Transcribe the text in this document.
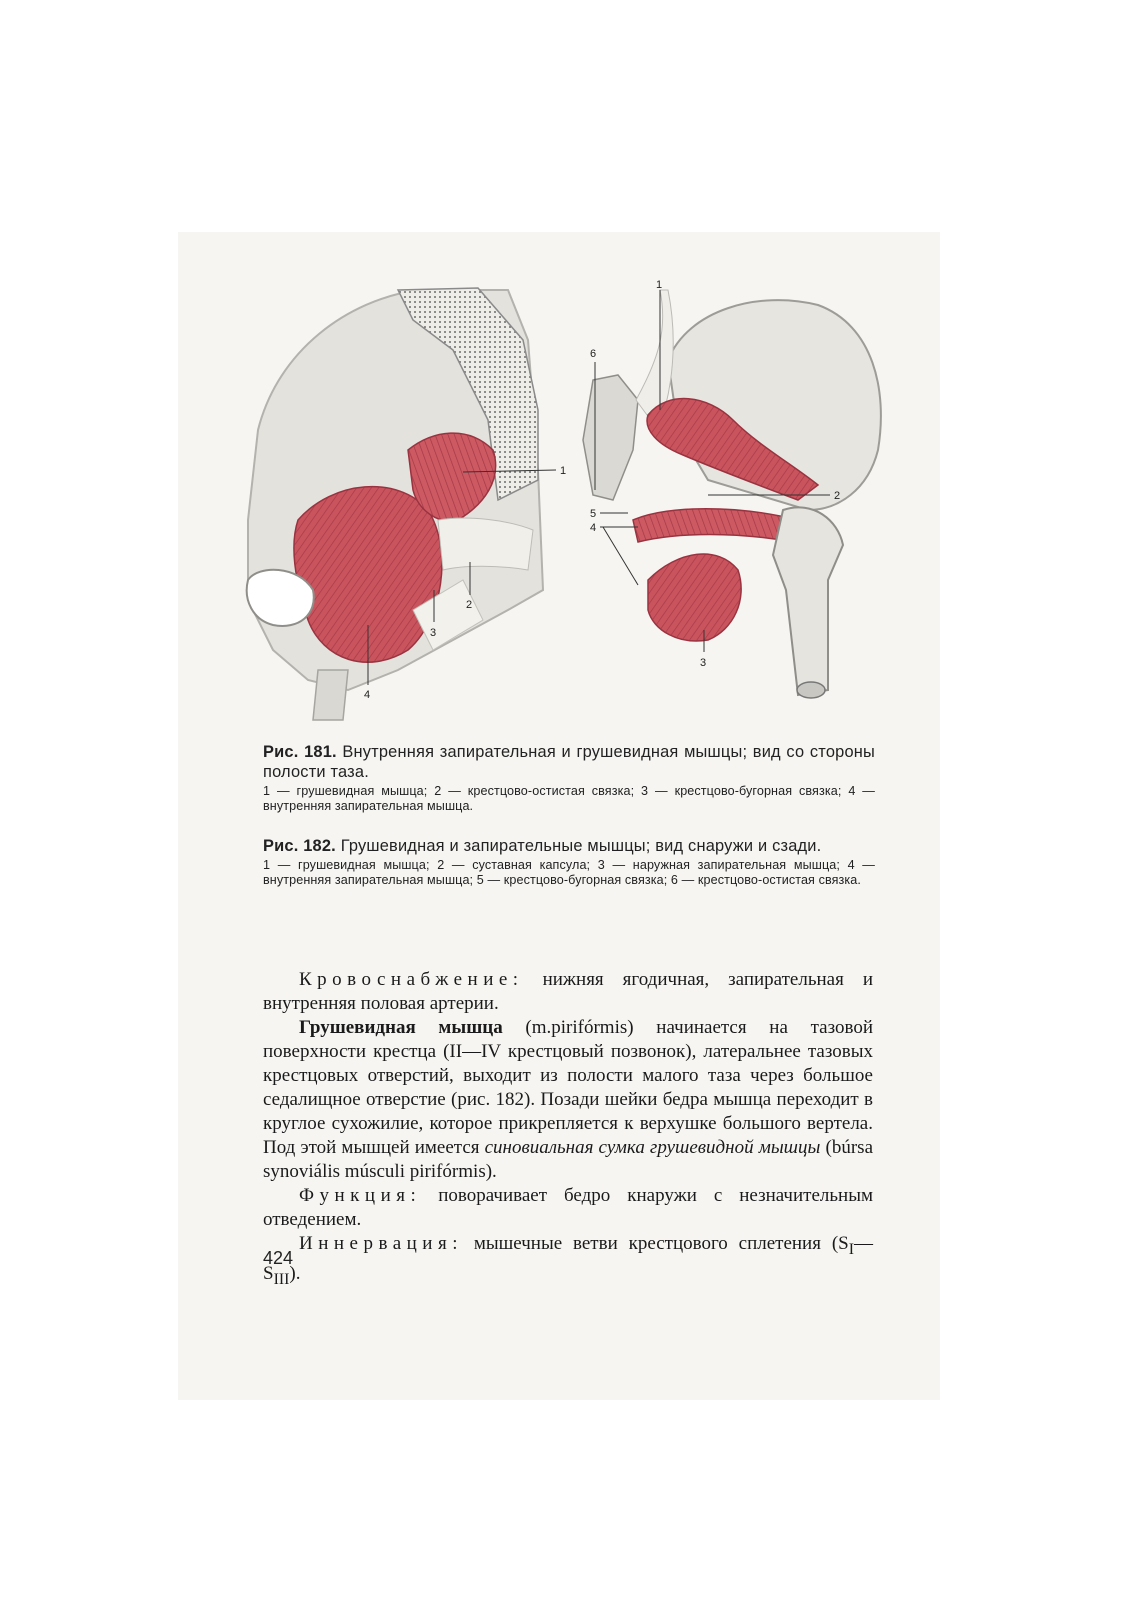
1
2
3
4
1
6
2
5
4
3
Рис. 181. Внутренняя запирательная и грушевидная мышцы; вид со стороны полости таза.
1 — грушевидная мышца; 2 — крестцово-остистая связка; 3 — крестцово-бугорная связка; 4 — внутренняя запирательная мышца.
Рис. 182. Грушевидная и запирательные мышцы; вид снаружи и сзади.
1 — грушевидная мышца; 2 — суставная капсула; 3 — наружная запирательная мышца; 4 — внутренняя запирательная мышца; 5 — крестцово-бугорная связка; 6 — крестцово-остистая связка.

Кровоснабжение: нижняя ягодичная, запирательная и внутренняя половая артерии.

Грушевидная мышца (m.pirifórmis) начинается на тазовой поверхности крестца (II—IV крестцовый позвонок), латеральнее тазовых крестцовых отверстий, выходит из полости малого таза через большое седалищное отверстие (рис. 182). Позади шейки бедра мышца переходит в круглое сухожилие, которое прикрепляется к верхушке большого вертела. Под этой мышцей имеется синовиальная сумка грушевидной мышцы (búrsa synoviális músculi pirifórmis).

Функция: поворачивает бедро кнаружи с незначительным отведением.

Иннервация: мышечные ветви крестцового сплетения $(S_I—S_{III})$.

424
